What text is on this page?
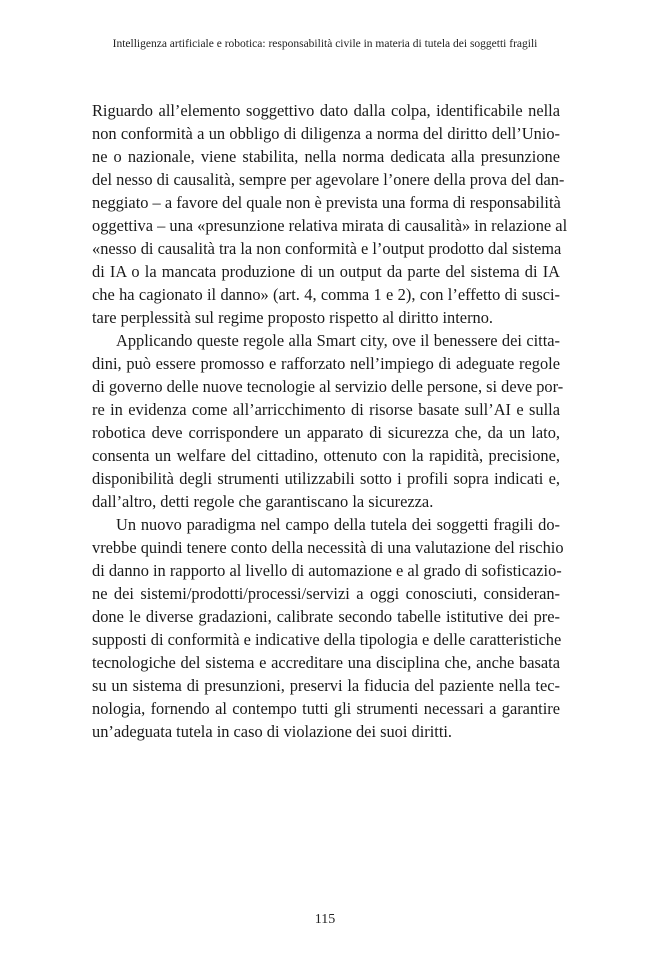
Intelligenza artificiale e robotica: responsabilità civile in materia di tutela dei soggetti fragili
Riguardo all’elemento soggettivo dato dalla colpa, identificabile nella
non conformità a un obbligo di diligenza a norma del diritto dell’Unio-
ne o nazionale, viene stabilita, nella norma dedicata alla presunzione
del nesso di causalità, sempre per agevolare l’onere della prova del dan-
neggiato – a favore del quale non è prevista una forma di responsabilità
oggettiva – una «presunzione relativa mirata di causalità» in relazione al
«nesso di causalità tra la non conformità e l’output prodotto dal sistema
di IA o la mancata produzione di un output da parte del sistema di IA
che ha cagionato il danno» (art. 4, comma 1 e 2), con l’effetto di susci-
tare perplessità sul regime proposto rispetto al diritto interno.
Applicando queste regole alla Smart city, ove il benessere dei citta-
dini, può essere promosso e rafforzato nell’impiego di adeguate regole
di governo delle nuove tecnologie al servizio delle persone, si deve por-
re in evidenza come all’arricchimento di risorse basate sull’AI e sulla
robotica deve corrispondere un apparato di sicurezza che, da un lato,
consenta un welfare del cittadino, ottenuto con la rapidità, precisione,
disponibilità degli strumenti utilizzabili sotto i profili sopra indicati e,
dall’altro, detti regole che garantiscano la sicurezza.
Un nuovo paradigma nel campo della tutela dei soggetti fragili do-
vrebbe quindi tenere conto della necessità di una valutazione del rischio
di danno in rapporto al livello di automazione e al grado di sofisticazio-
ne dei sistemi/prodotti/processi/servizi a oggi conosciuti, consideran-
done le diverse gradazioni, calibrate secondo tabelle istitutive dei pre-
supposti di conformità e indicative della tipologia e delle caratteristiche
tecnologiche del sistema e accreditare una disciplina che, anche basata
su un sistema di presunzioni, preservi la fiducia del paziente nella tec-
nologia, fornendo al contempo tutti gli strumenti necessari a garantire
un’adeguata tutela in caso di violazione dei suoi diritti.
115
